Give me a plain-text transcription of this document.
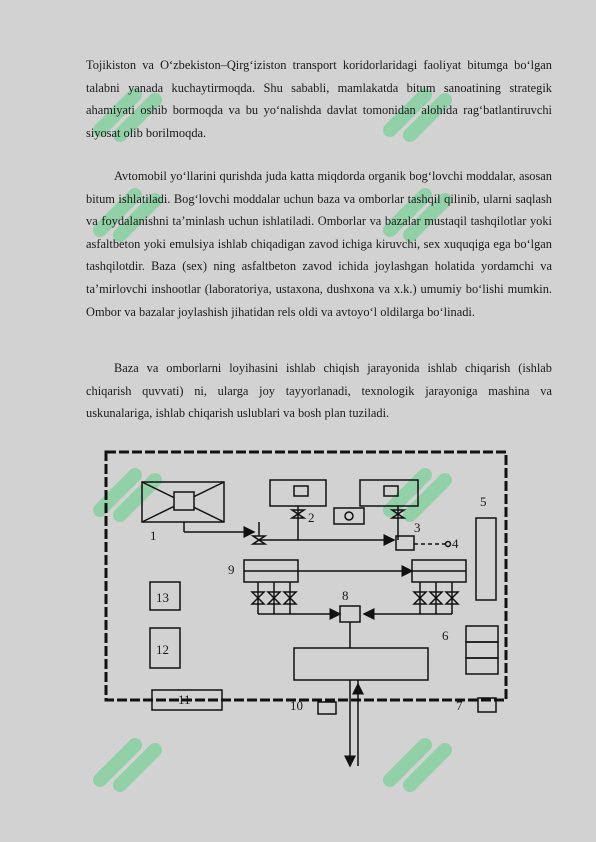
Tojikiston va O‘zbekiston–Qirg‘iziston transport koridorlaridagi faoliyat bitumga bo‘lgan talabni yanada kuchaytirmoqda. Shu sababli, mamlakatda bitum sanoatining strategik ahamiyati oshib bormoqda va bu yo‘nalishda davlat tomonidan alohida rag‘batlantiruvchi siyosat olib borilmoqda.

Avtomobil yo‘llarini qurishda juda katta miqdorda organik bog‘lovchi moddalar, asosan bitum ishlatiladi. Bog‘lovchi moddalar uchun baza va omborlar tashqil qilinib, ularni saqlash va foydalanishni ta’minlash uchun ishlatiladi. Omborlar va bazalar mustaqil tashqilotlar yoki asfaltbeton yoki emulsiya ishlab chiqadigan zavod ichiga kiruvchi, sex xuquqiga ega bo‘lgan tashqilotdir. Baza (sex) ning asfaltbeton zavod ichida joylashgan holatida yordamchi va ta’mirlovchi inshootlar (laboratoriya, ustaxona, dushxona va x.k.) umumiy bo‘lishi mumkin. Ombor va bazalar joylashish jihatidan rels oldi va avtoyo‘l oldilarga bo‘linadi.

Baza va omborlarni loyihasini ishlab chiqish jarayonida ishlab chiqarish (ishlab chiqarish quvvati) ni, ularga joy tayyorlanadi, texnologik jarayoniga mashina va uskunalariga, ishlab chiqarish uslublari va bosh plan tuziladi.

1
2
3
4
5
6
7
8
9
10
11
12
13
